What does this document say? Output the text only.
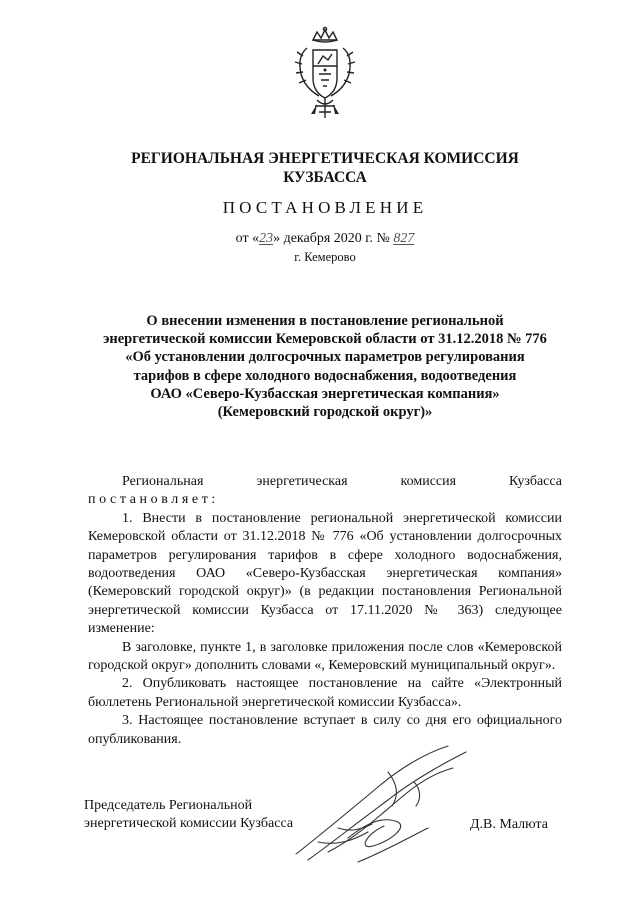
РЕГИОНАЛЬНАЯ ЭНЕРГЕТИЧЕСКАЯ КОМИССИЯ
КУЗБАССА
ПОСТАНОВЛЕНИЕ
от «23» декабря 2020 г. № 827
г. Кемерово
О внесении изменения в постановление региональной
энергетической комиссии Кемеровской области от 31.12.2018 № 776
«Об установлении долгосрочных параметров регулирования
тарифов в сфере холодного водоснабжения, водоотведения
ОАО «Северо-Кузбасская энергетическая компания»
(Кемеровский городской округ)»

Региональная	энергетическая	комиссия	Кузбасса

постановляет:

1. Внести в постановление региональной энергетической комиссии Кемеровской области от 31.12.2018 № 776 «Об установлении долгосрочных параметров регулирования тарифов в сфере холодного водоснабжения, водоотведения ОАО «Северо-Кузбасская энергетическая компания» (Кемеровский городской округ)» (в редакции постановления Региональной энергетической комиссии Кузбасса от 17.11.2020 № 363) следующее изменение:

В заголовке, пункте 1, в заголовке приложения после слов «Кемеровской городской округ» дополнить словами «, Кемеровский муниципальный округ».

2. Опубликовать настоящее постановление на сайте «Электронный бюллетень Региональной энергетической комиссии Кузбасса».

3. Настоящее постановление вступает в силу со дня его официального опубликования.

Председатель Региональной
энергетической комиссии Кузбасса	Д.В. Малюта
